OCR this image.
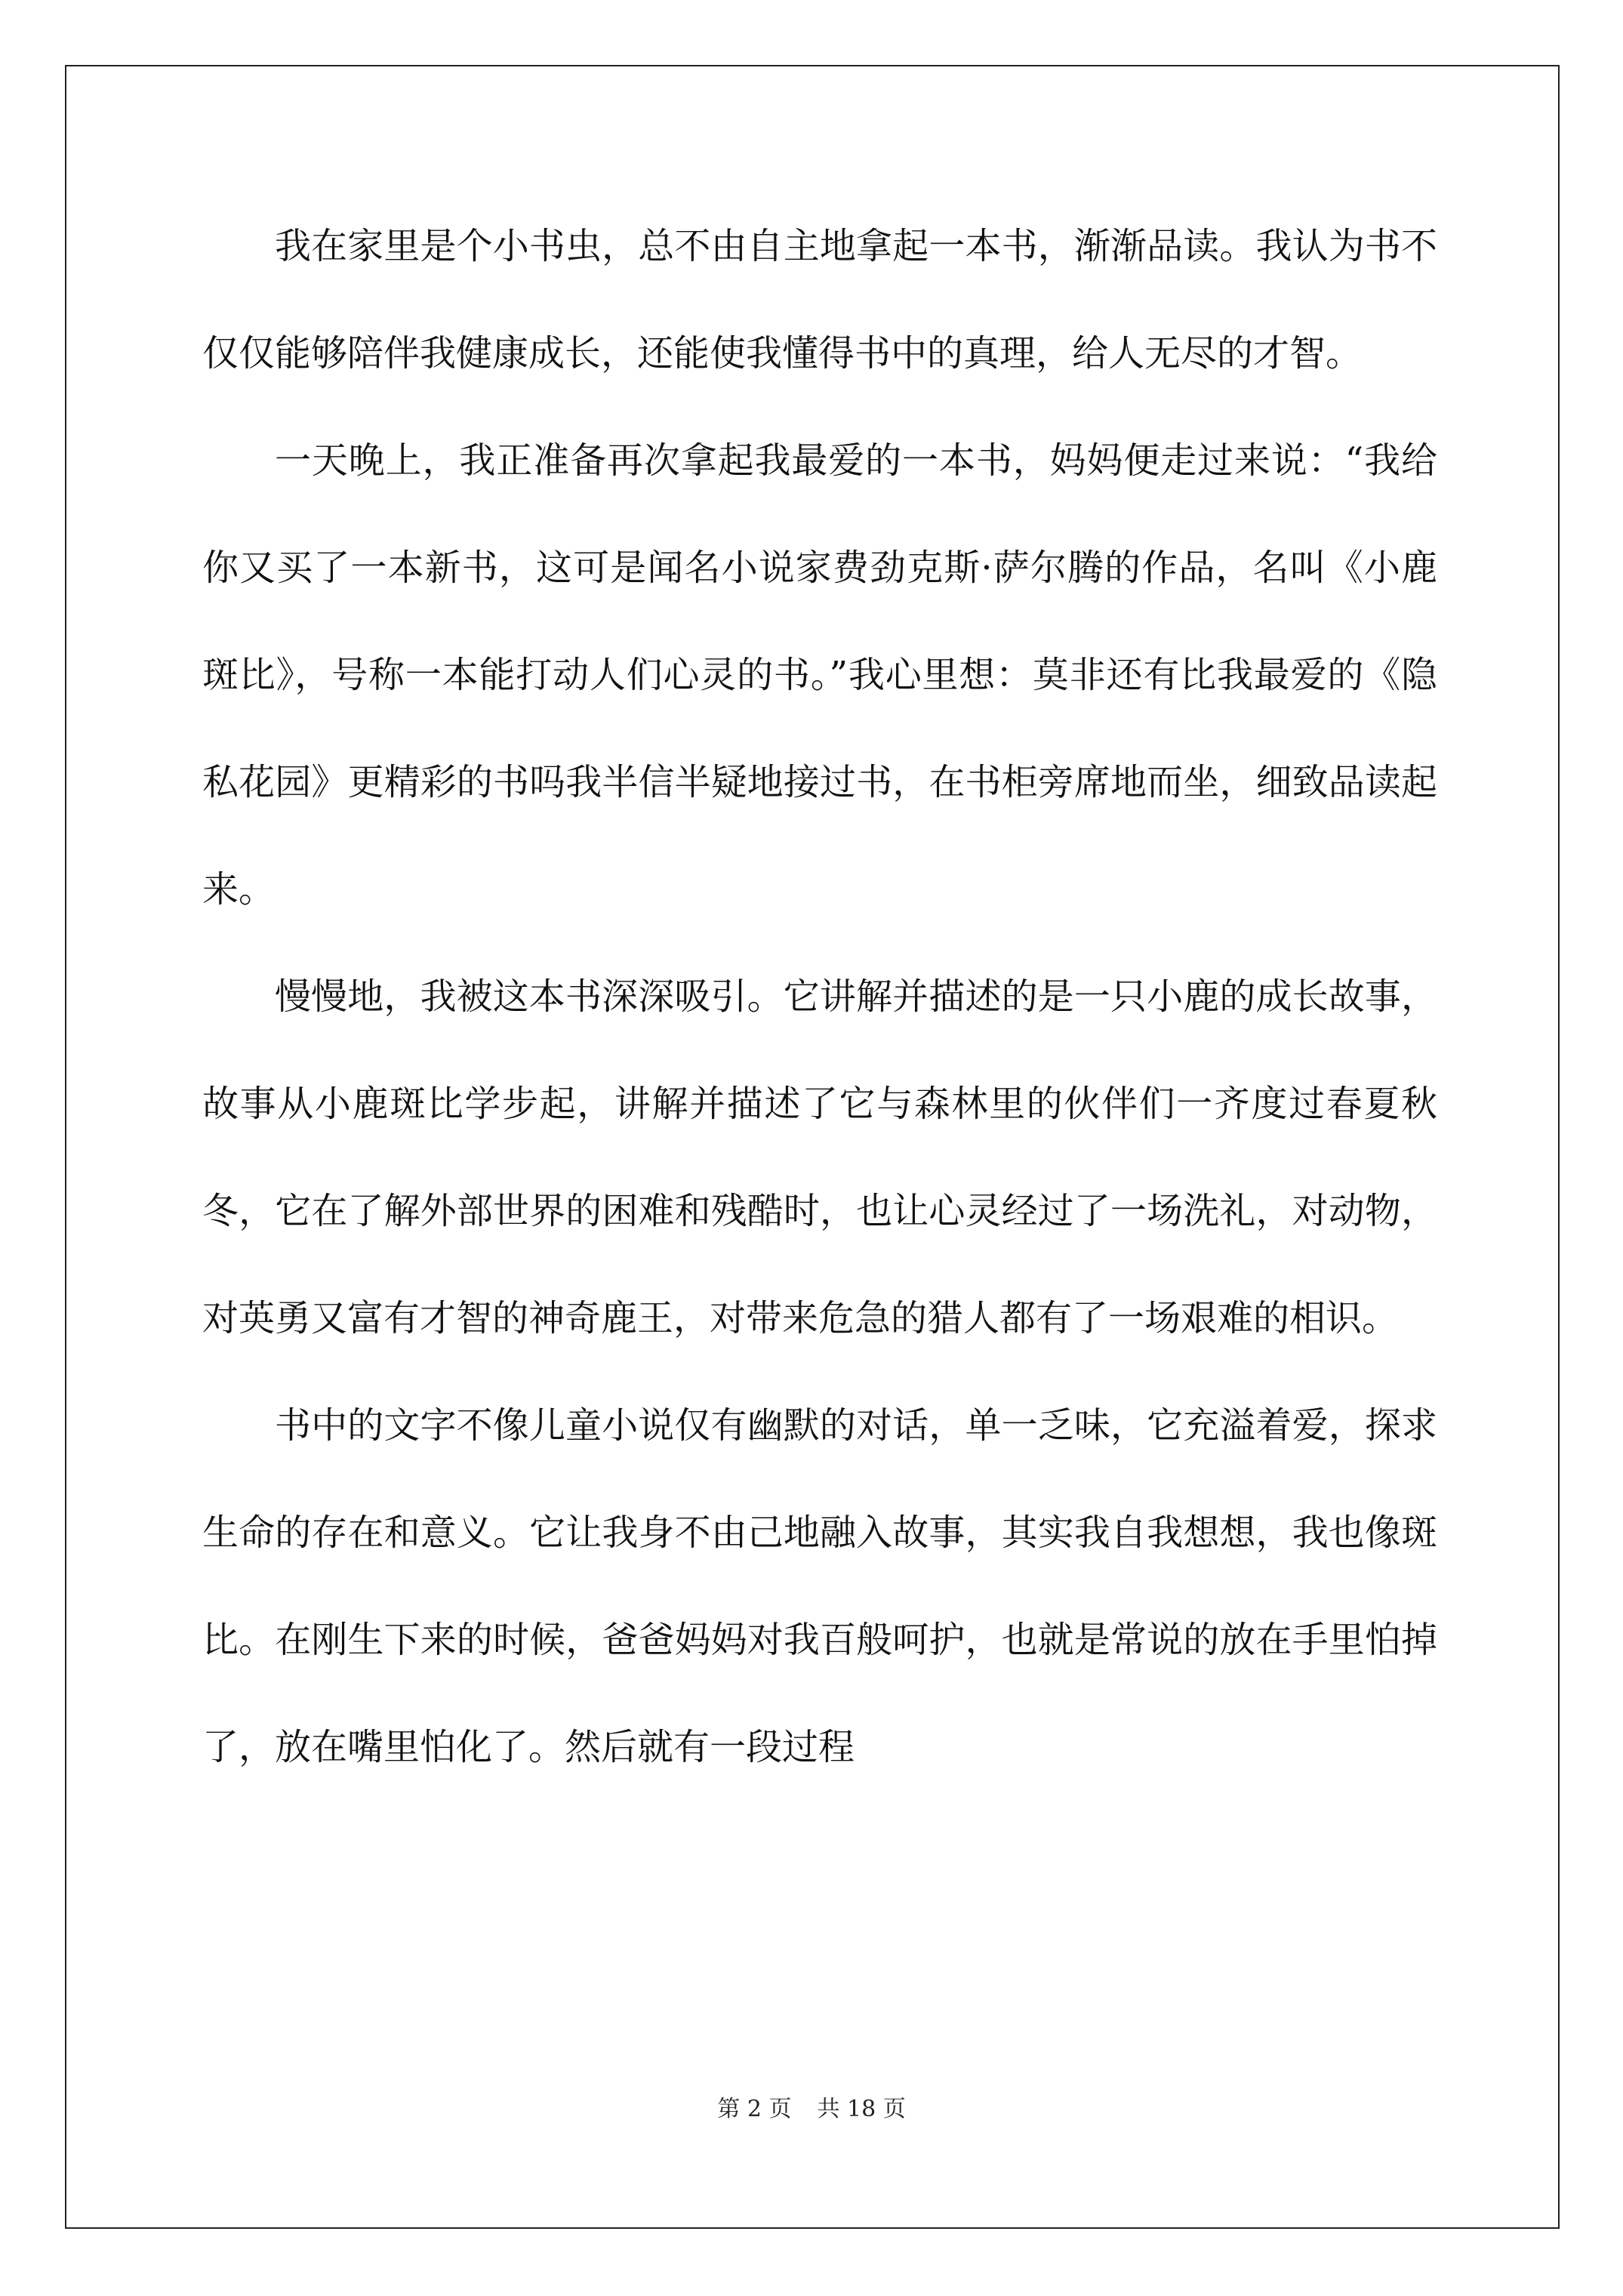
我在家里是个小书虫，总不由自主地拿起一本书，渐渐品读。我认为书不仅仅能够陪伴我健康成长，还能使我懂得书中的真理，给人无尽的才智。

一天晚上，我正准备再次拿起我最爱的一本书，妈妈便走过来说：“我给你又买了一本新书，这可是闻名小说家费劲克斯·萨尔腾的作品，名叫《小鹿斑比》，号称一本能打动人们心灵的书。”我心里想：莫非还有比我最爱的《隐私花园》更精彩的书吗我半信半疑地接过书，在书柜旁席地而坐，细致品读起来。

慢慢地，我被这本书深深吸引。它讲解并描述的是一只小鹿的成长故事，故事从小鹿斑比学步起，讲解并描述了它与森林里的伙伴们一齐度过春夏秋冬，它在了解外部世界的困难和残酷时，也让心灵经过了一场洗礼，对动物，对英勇又富有才智的神奇鹿王，对带来危急的猎人都有了一场艰难的相识。

书中的文字不像儿童小说仅有幽默的对话，单一乏味，它充溢着爱，探求生命的存在和意义。它让我身不由己地融入故事，其实我自我想想，我也像斑比。在刚生下来的时候，爸爸妈妈对我百般呵护，也就是常说的放在手里怕掉了，放在嘴里怕化了。然后就有一段过程

第 2 页 共 18 页
